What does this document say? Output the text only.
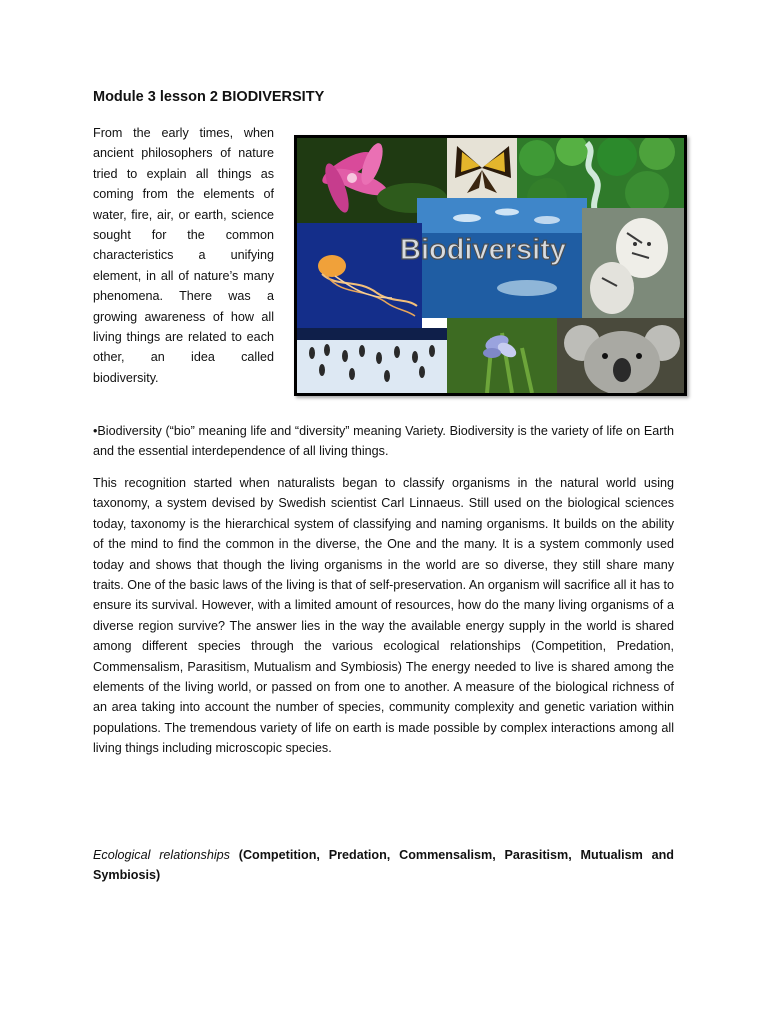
Module 3 lesson 2 BIODIVERSITY

From the early times, when ancient philosophers of nature tried to explain all things as coming from the elements of water, fire, air, or earth, science sought for the common characteristics a unifying element, in all of nature’s many phenomena. There was a growing awareness of how all living things are related to each other, an idea called biodiversity.

Biodiversity

•Biodiversity (“bio” meaning life and “diversity” meaning Variety. Biodiversity is the variety of life on Earth and the essential interdependence of all living things.

This recognition started when naturalists began to classify organisms in the natural world using taxonomy, a system devised by Swedish scientist Carl Linnaeus. Still used on the biological sciences today, taxonomy is the hierarchical system of classifying and naming organisms. It builds on the ability of the mind to find the common in the diverse, the One and the many. It is a system commonly used today and shows that though the living organisms in the world are so diverse, they still share many traits. One of the basic laws of the living is that of self-preservation. An organism will sacrifice all it has to ensure its survival. However, with a limited amount of resources, how do the many living organisms of a diverse region survive? The answer lies in the way the available energy supply in the world is shared among different species through the various ecological relationships (Competition, Predation, Commensalism, Parasitism, Mutualism and Symbiosis) The energy needed to live is shared among the elements of the living world, or passed on from one to another. A measure of the biological richness of an area taking into account the number of species, community complexity and genetic variation within populations. The tremendous variety of life on earth is made possible by complex interactions among all living things including microscopic species.

Ecological relationships (Competition, Predation, Commensalism, Parasitism, Mutualism and Symbiosis)
